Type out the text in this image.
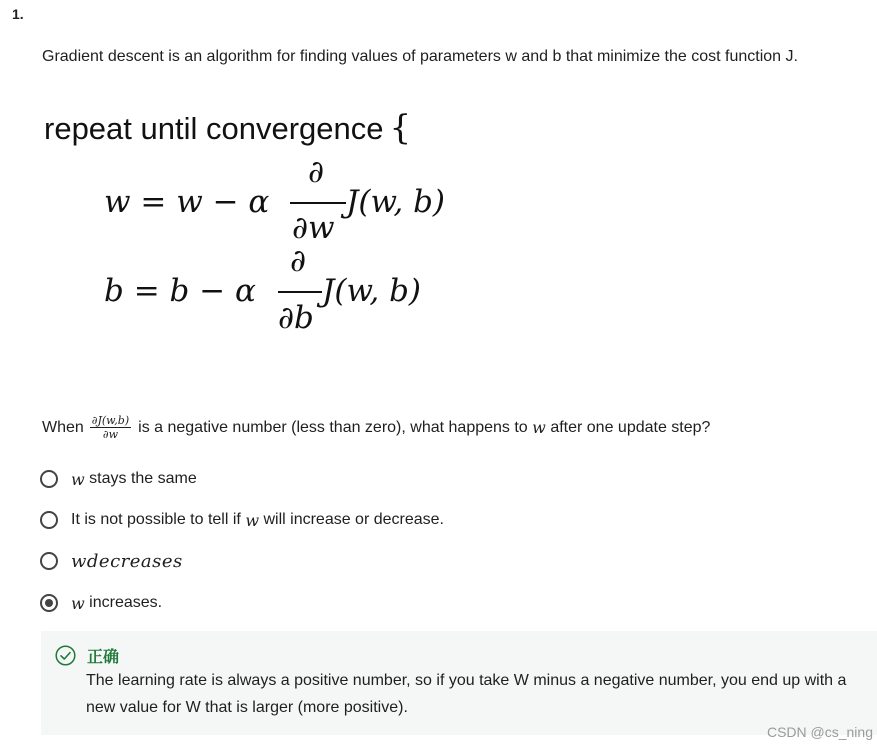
1.
Gradient descent is an algorithm for finding values of parameters w and b that minimize the cost function J.
repeat until convergence {
w = w − α
∂
∂w
J(w, b)
b = b − α
∂
∂b
J(w, b)
When $\frac{\partial J(w,b)}{\partial w}$ is a negative number (less than zero), what happens to
w
after one update step?
w
stays the same
It is not possible to tell if
w
will increase or decrease.
wdecreases
w
increases.
正确
The learning rate is always a positive number, so if you take W minus a negative number, you end up with a new value for W that is larger (more positive).
CSDN @cs_ning
